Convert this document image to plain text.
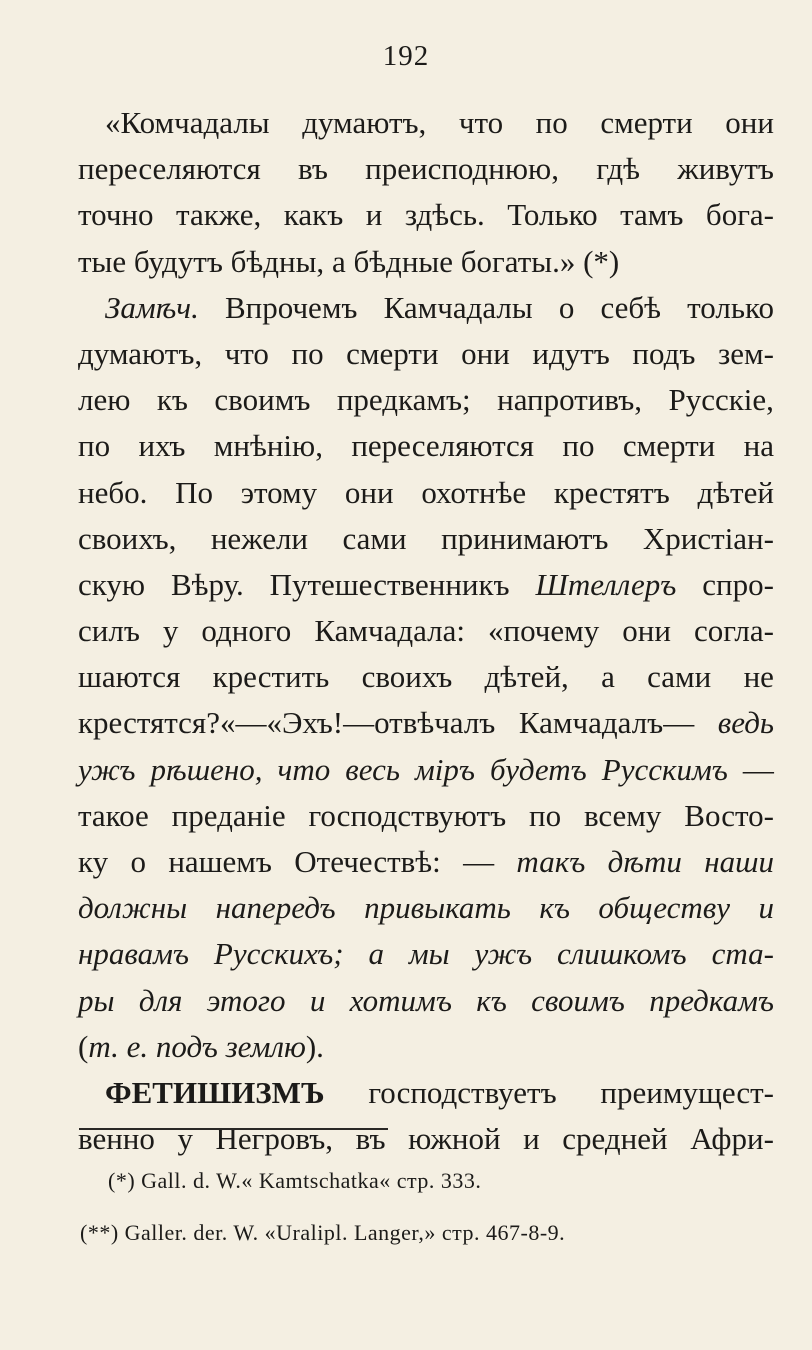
192
«Комчадалы думаютъ, что по смерти они
переселяются въ преисподнюю, гдѣ живутъ
точно также, какъ и здѣсь. Только тамъ бога-
тые будутъ бѣдны, а бѣдные богаты.» (*)
Замѣч. Впрочемъ Камчадалы о себѣ только
думаютъ, что по смерти они идутъ подъ зем-
лею къ своимъ предкамъ; напротивъ, Русскіе,
по ихъ мнѣнію, переселяются по смерти на
небо. По этому они охотнѣе крестятъ дѣтей
своихъ, нежели сами принимаютъ Христіан-
скую Вѣру. Путешественникъ Штеллеръ спро-
силъ у одного Камчадала: «почему они согла-
шаются крестить своихъ дѣтей, а сами не
крестятся?«—«Эхъ!—отвѣчалъ Камчадалъ— ведь
ужъ рѣшено, что весь міръ будетъ Русскимъ —
такое преданіе господствуютъ по всему Восто-
ку о нашемъ Отечествѣ: — такъ дѣти наши
должны напередъ привыкать къ обществу и
нравамъ Русскихъ; а мы ужъ слишкомъ ста-
ры для этого и хотимъ къ своимъ предкамъ
(т. е. подъ землю).
ФЕТИШИЗМЪ господствуетъ преимущест-
венно у Негровъ, въ южной и средней Афри-
(*) Gall. d. W.« Kamtschatka« стр. 333.
(**) Galler. der. W. «Uralipl. Langer,» стр. 467-8-9.
